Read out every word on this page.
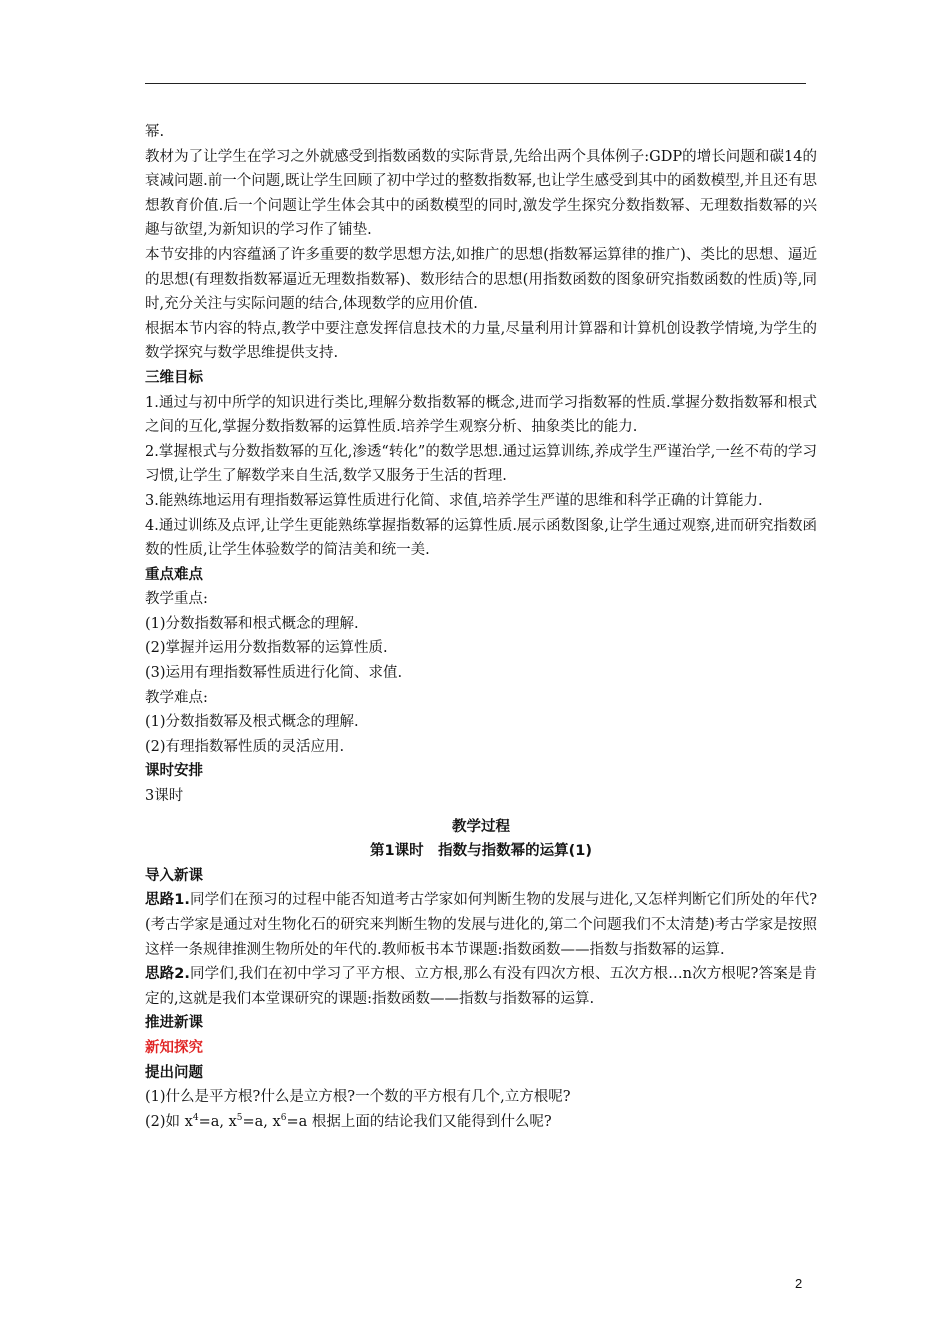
幂.

教材为了让学生在学习之外就感受到指数函数的实际背景,先给出两个具体例子:GDP的增长问题和碳14的衰减问题.前一个问题,既让学生回顾了初中学过的整数指数幂,也让学生感受到其中的函数模型,并且还有思想教育价值.后一个问题让学生体会其中的函数模型的同时,激发学生探究分数指数幂、无理数指数幂的兴趣与欲望,为新知识的学习作了铺垫.

本节安排的内容蕴涵了许多重要的数学思想方法,如推广的思想(指数幂运算律的推广)、类比的思想、逼近的思想(有理数指数幂逼近无理数指数幂)、数形结合的思想(用指数函数的图象研究指数函数的性质)等,同时,充分关注与实际问题的结合,体现数学的应用价值.

根据本节内容的特点,教学中要注意发挥信息技术的力量,尽量利用计算器和计算机创设教学情境,为学生的数学探究与数学思维提供支持.

三维目标

1.通过与初中所学的知识进行类比,理解分数指数幂的概念,进而学习指数幂的性质.掌握分数指数幂和根式之间的互化,掌握分数指数幂的运算性质.培养学生观察分析、抽象类比的能力.

2.掌握根式与分数指数幂的互化,渗透“转化”的数学思想.通过运算训练,养成学生严谨治学,一丝不苟的学习习惯,让学生了解数学来自生活,数学又服务于生活的哲理.

3.能熟练地运用有理指数幂运算性质进行化简、求值,培养学生严谨的思维和科学正确的计算能力.

4.通过训练及点评,让学生更能熟练掌握指数幂的运算性质.展示函数图象,让学生通过观察,进而研究指数函数的性质,让学生体验数学的简洁美和统一美.

重点难点

教学重点:

(1)分数指数幂和根式概念的理解.

(2)掌握并运用分数指数幂的运算性质.

(3)运用有理指数幂性质进行化简、求值.

教学难点:

(1)分数指数幂及根式概念的理解.

(2)有理指数幂性质的灵活应用.

课时安排

3课时

教学过程

第1课时　指数与指数幂的运算(1)

导入新课

思路1.同学们在预习的过程中能否知道考古学家如何判断生物的发展与进化,又怎样判断它们所处的年代?(考古学家是通过对生物化石的研究来判断生物的发展与进化的,第二个问题我们不太清楚)考古学家是按照这样一条规律推测生物所处的年代的.教师板书本节课题:指数函数——指数与指数幂的运算.

思路2.同学们,我们在初中学习了平方根、立方根,那么有没有四次方根、五次方根…n次方根呢?答案是肯定的,这就是我们本堂课研究的课题:指数函数——指数与指数幂的运算.

推进新课

新知探究

提出问题

(1)什么是平方根?什么是立方根?一个数的平方根有几个,立方根呢?

(2)如 $x^4=a$, $x^5=a$, $x^6=a$ 根据上面的结论我们又能得到什么呢?

2
